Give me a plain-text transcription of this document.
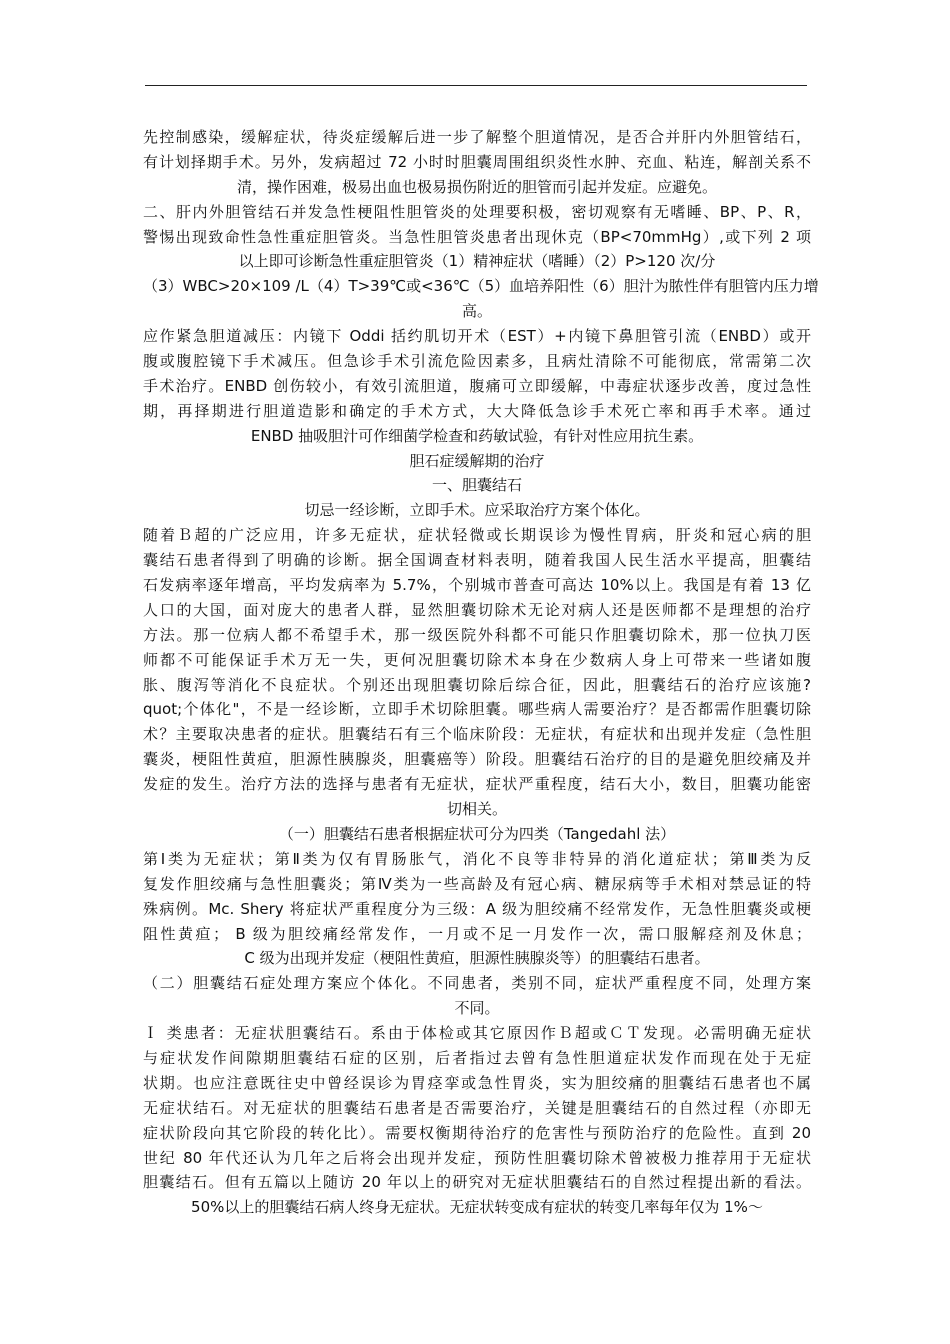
先控制感染，缓解症状，待炎症缓解后进一步了解整个胆道情况，是否合并肝内外胆管结石，
有计划择期手术。另外，发病超过 72 小时时胆囊周围组织炎性水肿、充血、粘连，解剖关系不
清，操作困难，极易出血也极易损伤附近的胆管而引起并发症。应避免。
二、肝内外胆管结石并发急性梗阻性胆管炎的处理要积极，密切观察有无嗜睡、BP、P、R，
警惕出现致命性急性重症胆管炎。当急性胆管炎患者出现休克（BP<70mmHg）,或下列 2 项
以上即可诊断急性重症胆管炎（1）精神症状（嗜睡）（2）P>120 次/分
（3）WBC>20×109 /L（4）T>39℃或<36℃（5）血培养阳性（6）胆汁为脓性伴有胆管内压力增
高。
应作紧急胆道减压：内镜下 Oddi 括约肌切开术（EST）+内镜下鼻胆管引流（ENBD）或开
腹或腹腔镜下手术减压。但急诊手术引流危险因素多，且病灶清除不可能彻底，常需第二次
手术治疗。ENBD 创伤较小，有效引流胆道，腹痛可立即缓解，中毒症状逐步改善，度过急性
期，再择期进行胆道造影和确定的手术方式，大大降低急诊手术死亡率和再手术率。通过
ENBD 抽吸胆汁可作细菌学检查和药敏试验，有针对性应用抗生素。
胆石症缓解期的治疗
一、胆囊结石
切忌一经诊断，立即手术。应采取治疗方案个体化。
随着Ｂ超的广泛应用，许多无症状，症状轻微或长期误诊为慢性胃病，肝炎和冠心病的胆
囊结石患者得到了明确的诊断。据全国调查材料表明，随着我国人民生活水平提高，胆囊结
石发病率逐年增高，平均发病率为 5.7%，个别城市普查可高达 10%以上。我国是有着 13 亿
人口的大国，面对庞大的患者人群，显然胆囊切除术无论对病人还是医师都不是理想的治疗
方法。那一位病人都不希望手术，那一级医院外科都不可能只作胆囊切除术，那一位执刀医
师都不可能保证手术万无一失，更何况胆囊切除术本身在少数病人身上可带来一些诸如腹
胀、腹泻等消化不良症状。个别还出现胆囊切除后综合征，因此，胆囊结石的治疗应该施?
quot;个体化"，不是一经诊断，立即手术切除胆囊。哪些病人需要治疗？是否都需作胆囊切除
术？主要取决患者的症状。胆囊结石有三个临床阶段：无症状，有症状和出现并发症（急性胆
囊炎，梗阻性黄疸，胆源性胰腺炎，胆囊癌等）阶段。胆囊结石治疗的目的是避免胆绞痛及并
发症的发生。治疗方法的选择与患者有无症状，症状严重程度，结石大小，数目，胆囊功能密
切相关。
（一）胆囊结石患者根据症状可分为四类（Tangedahl 法）
第Ⅰ类为无症状；第Ⅱ类为仅有胃肠胀气，消化不良等非特异的消化道症状；第Ⅲ类为反
复发作胆绞痛与急性胆囊炎；第Ⅳ类为一些高龄及有冠心病、糖尿病等手术相对禁忌证的特
殊病例。Mc. Shery 将症状严重程度分为三级：A 级为胆绞痛不经常发作，无急性胆囊炎或梗
阻性黄疸； B 级为胆绞痛经常发作，一月或不足一月发作一次，需口服解痉剂及休息；
C 级为出现并发症（梗阻性黄疸，胆源性胰腺炎等）的胆囊结石患者。
（二）胆囊结石症处理方案应个体化。不同患者，类别不同，症状严重程度不同，处理方案
不同。
Ｉ 类患者：无症状胆囊结石。系由于体检或其它原因作Ｂ超或ＣＴ发现。必需明确无症状
与症状发作间隙期胆囊结石症的区别，后者指过去曾有急性胆道症状发作而现在处于无症
状期。也应注意既往史中曾经误诊为胃痉挛或急性胃炎，实为胆绞痛的胆囊结石患者也不属
无症状结石。对无症状的胆囊结石患者是否需要治疗，关键是胆囊结石的自然过程（亦即无
症状阶段向其它阶段的转化比）。需要权衡期待治疗的危害性与预防治疗的危险性。直到 20
世纪 80 年代还认为几年之后将会出现并发症，预防性胆囊切除术曾被极力推荐用于无症状
胆囊结石。但有五篇以上随访 20 年以上的研究对无症状胆囊结石的自然过程提出新的看法。
50%以上的胆囊结石病人终身无症状。无症状转变成有症状的转变几率每年仅为 1%～
